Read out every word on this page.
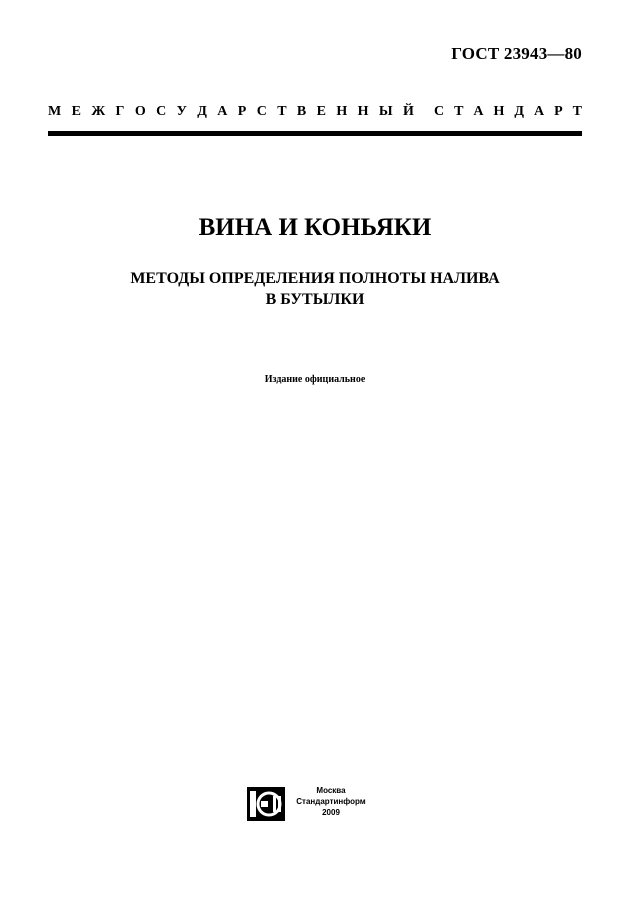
ГОСТ 23943—80
М Е Ж Г О С У Д А Р С Т В Е Н Н Ы Й С Т А Н Д А Р Т
ВИНА И КОНЬЯКИ
МЕТОДЫ ОПРЕДЕЛЕНИЯ ПОЛНОТЫ НАЛИВА
В БУТЫЛКИ
Издание официальное
Москва
Стандартинформ
2009
